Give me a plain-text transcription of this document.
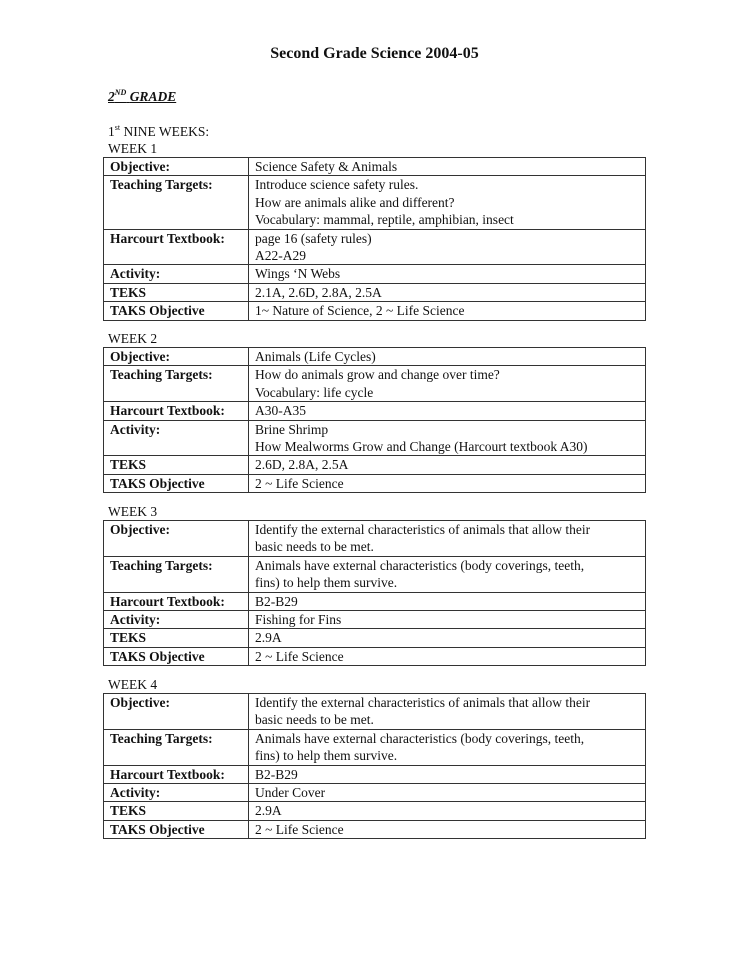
Second Grade Science 2004-05
2ND GRADE
1st NINE WEEKS:
WEEK 1
Objective:	Science Safety & Animals

Teaching Targets:	Introduce science safety rules.
How are animals alike and different?
Vocabulary: mammal, reptile, amphibian, insect

Harcourt Textbook:	page 16 (safety rules)
A22-A29

Activity:	Wings ‘N Webs

TEKS	2.1A, 2.6D, 2.8A, 2.5A

TAKS Objective	1~ Nature of Science, 2 ~ Life Science
WEEK 2
Objective:	Animals (Life Cycles)

Teaching Targets:	How do animals grow and change over time?
Vocabulary: life cycle

Harcourt Textbook:	A30-A35

Activity:	Brine Shrimp
How Mealworms Grow and Change (Harcourt textbook A30)

TEKS	2.6D, 2.8A, 2.5A

TAKS Objective	2 ~ Life Science
WEEK 3
Objective:	Identify the external characteristics of animals that allow their
basic needs to be met.

Teaching Targets:	Animals have external characteristics (body coverings, teeth,
fins) to help them survive.

Harcourt Textbook:	B2-B29

Activity:	Fishing for Fins

TEKS	2.9A

TAKS Objective	2 ~ Life Science
WEEK 4
Objective:	Identify the external characteristics of animals that allow their
basic needs to be met.

Teaching Targets:	Animals have external characteristics (body coverings, teeth,
fins) to help them survive.

Harcourt Textbook:	B2-B29

Activity:	Under Cover

TEKS	2.9A

TAKS Objective	2 ~ Life Science
